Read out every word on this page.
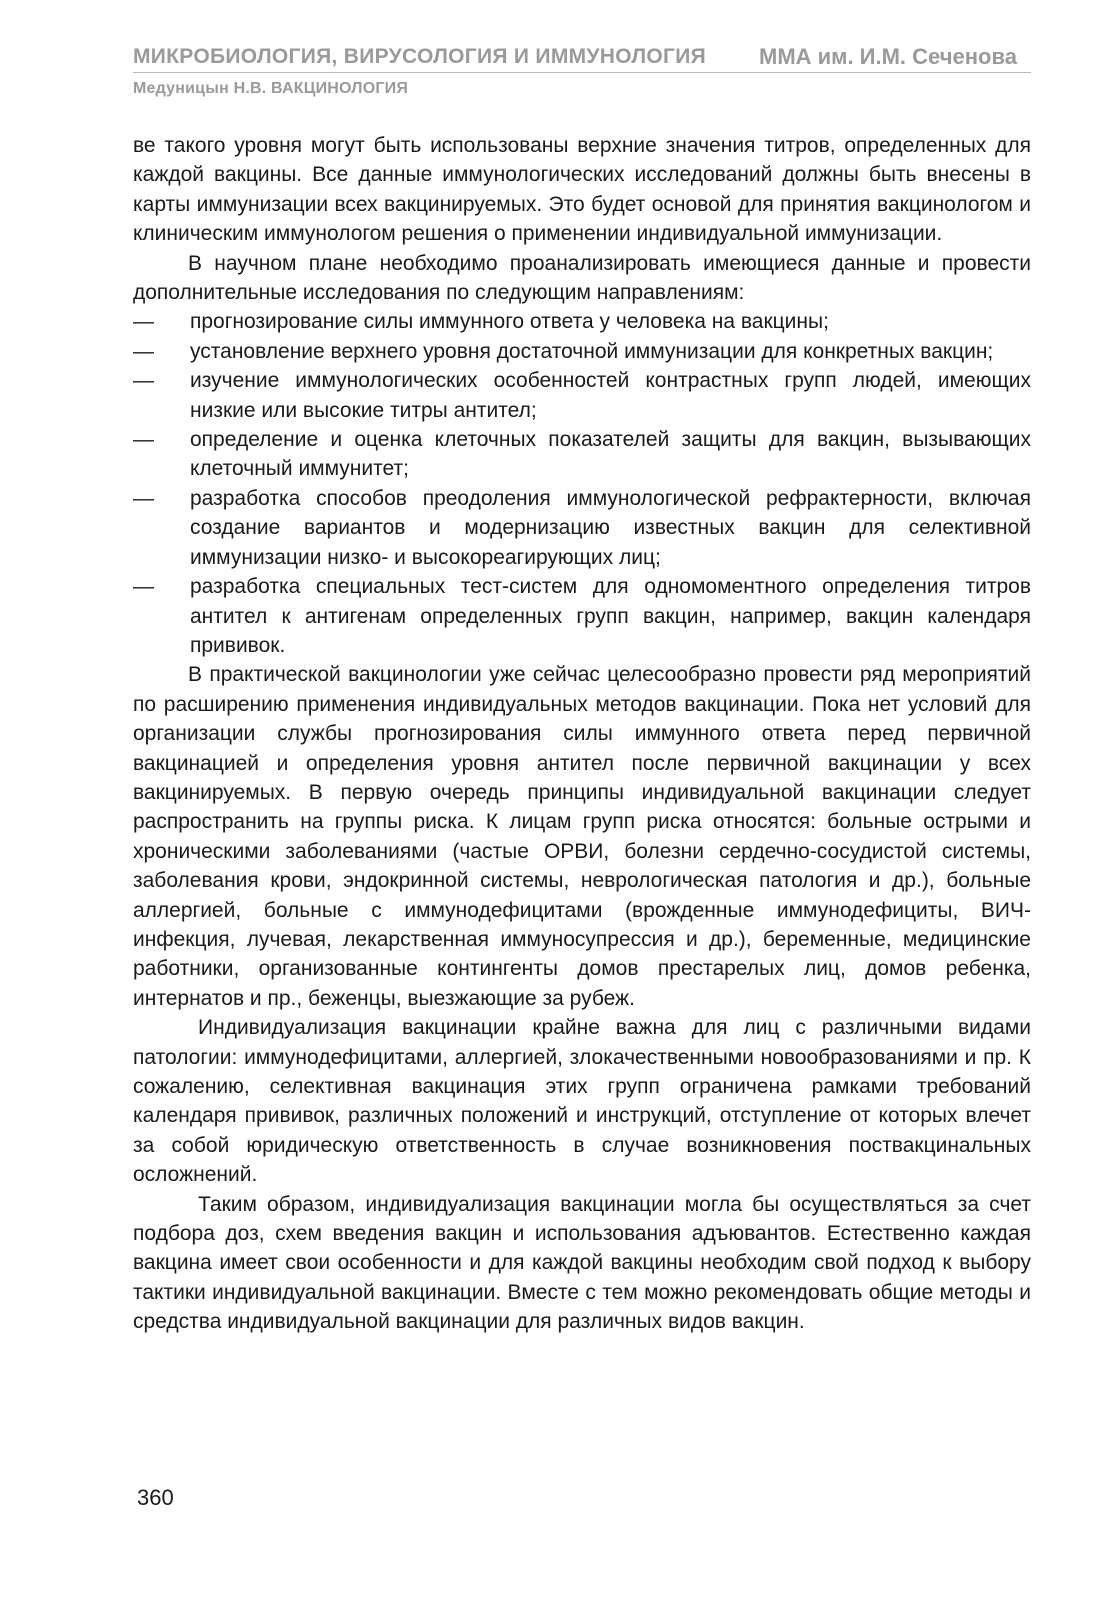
МИКРОБИОЛОГИЯ, ВИРУСОЛОГИЯ И ИММУНОЛОГИЯ ММА им. И.М. Сеченова
Медуницын Н.В. ВАКЦИНОЛОГИЯ

ве такого уровня могут быть использованы верхние значения титров, определенных для каждой вакцины. Все данные иммунологических исследований должны быть внесены в карты иммунизации всех вакцинируемых. Это будет основой для принятия вакцинологом и клиническим иммунологом решения о применении индивидуальной иммунизации.

В научном плане необходимо проанализировать имеющиеся данные и провести дополнительные исследования по следующим направлениям:

—	прогнозирование силы иммунного ответа у человека на вакцины;
—	установление верхнего уровня достаточной иммунизации для конкретных вакцин;
—	изучение иммунологических особенностей контрастных групп людей, имеющих низкие или высокие титры антител;
—	определение и оценка клеточных показателей защиты для вакцин, вызывающих клеточный иммунитет;
—	разработка способов преодоления иммунологической рефрактерности, включая создание вариантов и модернизацию известных вакцин для селективной иммунизации низко- и высокореагирующих лиц;
—	разработка специальных тест-систем для одномоментного определения титров антител к антигенам определенных групп вакцин, например, вакцин календаря прививок.

В практической вакцинологии уже сейчас целесообразно провести ряд мероприятий по расширению применения индивидуальных методов вакцинации. Пока нет условий для организации службы прогнозирования силы иммунного ответа перед первичной вакцинацией и определения уровня антител после первичной вакцинации у всех вакцинируемых. В первую очередь принципы индивидуальной вакцинации следует распространить на группы риска. К лицам групп риска относятся: больные острыми и хроническими заболеваниями (частые ОРВИ, болезни сердечно-сосудистой системы, заболевания крови, эндокринной системы, неврологическая патология и др.), больные аллергией, больные с иммунодефицитами (врожденные иммунодефициты, ВИЧ-инфекция, лучевая, лекарственная иммуносупрессия и др.), беременные, медицинские работники, организованные контингенты домов престарелых лиц, домов ребенка, интернатов и пр., беженцы, выезжающие за рубеж.

Индивидуализация вакцинации крайне важна для лиц с различными видами патологии: иммунодефицитами, аллергией, злокачественными новообразованиями и пр. К сожалению, селективная вакцинация этих групп ограничена рамками требований календаря прививок, различных положений и инструкций, отступление от которых влечет за собой юридическую ответственность в случае возникновения поствакцинальных осложнений.

Таким образом, индивидуализация вакцинации могла бы осуществляться за счет подбора доз, схем введения вакцин и использования адъювантов. Естественно каждая вакцина имеет свои особенности и для каждой вакцины необходим свой подход к выбору тактики индивидуальной вакцинации. Вместе с тем можно рекомендовать общие методы и средства индивидуальной вакцинации для различных видов вакцин.

360
